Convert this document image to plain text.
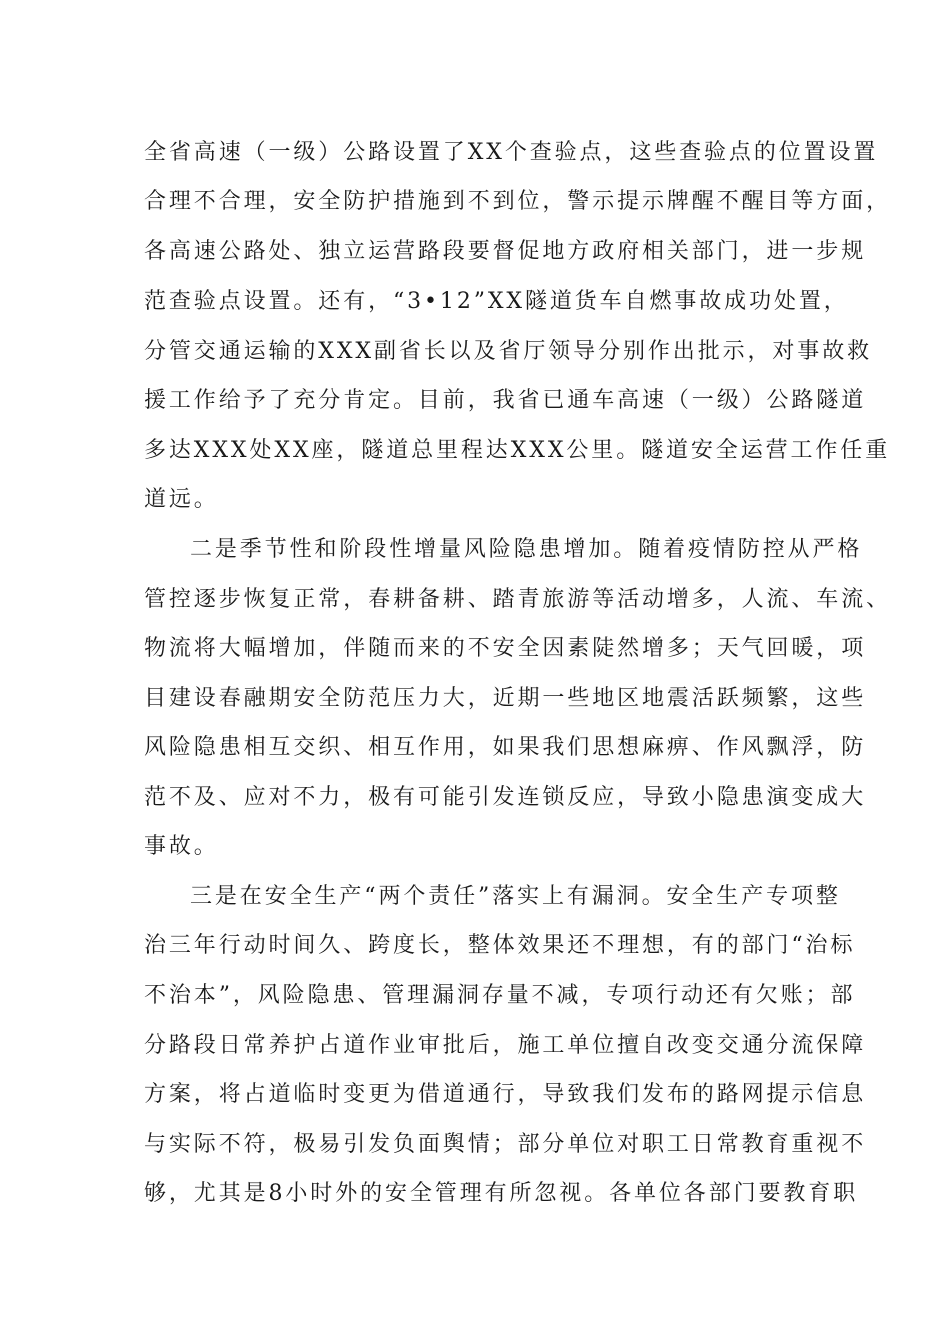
全省高速（一级）公路设置了XX个查验点，这些查验点的位置设置
合理不合理，安全防护措施到不到位，警示提示牌醒不醒目等方面，
各高速公路处、独立运营路段要督促地方政府相关部门，进一步规
范查验点设置。还有，“3•12”XX隧道货车自燃事故成功处置，
分管交通运输的XXX副省长以及省厅领导分别作出批示，对事故救
援工作给予了充分肯定。目前，我省已通车高速（一级）公路隧道
多达XXX处XX座，隧道总里程达XXX公里。隧道安全运营工作任重
道远。
二是季节性和阶段性增量风险隐患增加。随着疫情防控从严格
管控逐步恢复正常，春耕备耕、踏青旅游等活动增多，人流、车流、
物流将大幅增加，伴随而来的不安全因素陡然增多；天气回暖，项
目建设春融期安全防范压力大，近期一些地区地震活跃频繁，这些
风险隐患相互交织、相互作用，如果我们思想麻痹、作风飘浮，防
范不及、应对不力，极有可能引发连锁反应，导致小隐患演变成大
事故。
三是在安全生产“两个责任”落实上有漏洞。安全生产专项整
治三年行动时间久、跨度长，整体效果还不理想，有的部门“治标
不治本”，风险隐患、管理漏洞存量不减，专项行动还有欠账；部
分路段日常养护占道作业审批后，施工单位擅自改变交通分流保障
方案，将占道临时变更为借道通行，导致我们发布的路网提示信息
与实际不符，极易引发负面舆情；部分单位对职工日常教育重视不
够，尤其是8小时外的安全管理有所忽视。各单位各部门要教育职
